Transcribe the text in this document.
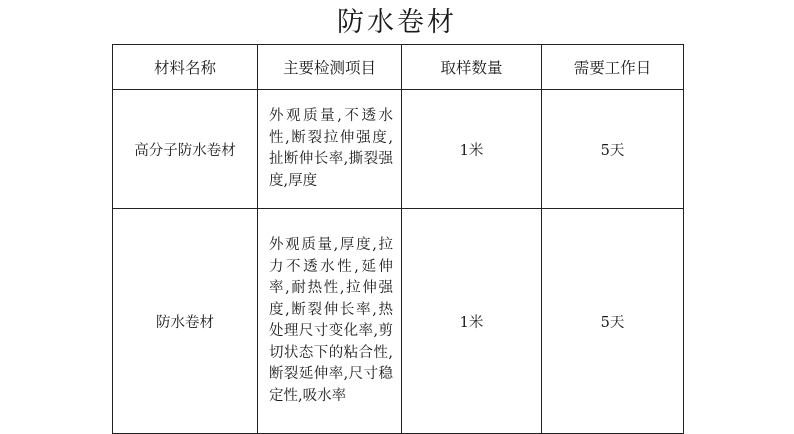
防水卷材
材料名称	主要检测项目	取样数量	需要工作日
高分子防水卷材	外观质量,不透水性,断裂拉伸强度,扯断伸长率,撕裂强度,厚度	1米	5天
防水卷材	外观质量,厚度,拉力不透水性,延伸率,耐热性,拉伸强度,断裂伸长率,热处理尺寸变化率,剪切状态下的粘合性,断裂延伸率,尺寸稳定性,吸水率	1米	5天
